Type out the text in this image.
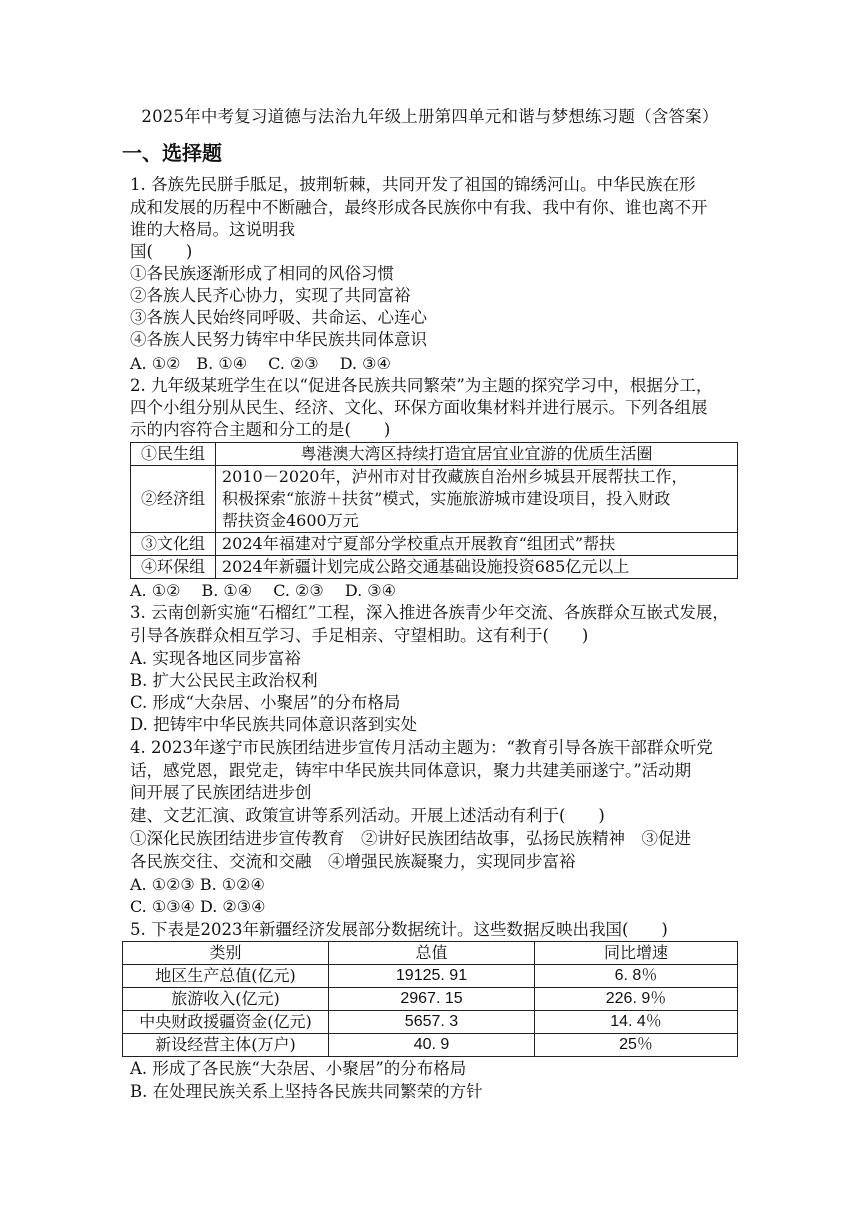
2025年中考复习道德与法治九年级上册第四单元和谐与梦想练习题（含答案）
一、选择题
1. 各族先民胼手胝足，披荆斩棘，共同开发了祖国的锦绣河山。中华民族在形
成和发展的历程中不断融合，最终形成各民族你中有我、我中有你、谁也离不开
谁的大格局。这说明我
国(　　)
①各民族逐渐形成了相同的风俗习惯
②各族人民齐心协力，实现了共同富裕
③各族人民始终同呼吸、共命运、心连心
④各族人民努力铸牢中华民族共同体意识
A. ①②　B. ①④　 C. ②③　 D. ③④
2. 九年级某班学生在以“促进各民族共同繁荣”为主题的探究学习中，根据分工，
四个小组分别从民生、经济、文化、环保方面收集材料并进行展示。下列各组展
示的内容符合主题和分工的是(　　)
①民生组	粤港澳大湾区持续打造宜居宜业宜游的优质生活圈
②经济组	2010－2020年，泸州市对甘孜藏族自治州乡城县开展帮扶工作，
积极探索“旅游＋扶贫”模式，实施旅游城市建设项目，投入财政
帮扶资金4600万元

③文化组	2024年福建对宁夏部分学校重点开展教育“组团式”帮扶
④环保组	2024年新疆计划完成公路交通基础设施投资685亿元以上
A. ①②　 B. ①④　 C. ②③　 D. ③④
3. 云南创新实施“石榴红”工程，深入推进各族青少年交流、各族群众互嵌式发展，
引导各族群众相互学习、手足相亲、守望相助。这有利于(　　)
A. 实现各地区同步富裕
B. 扩大公民民主政治权利
C. 形成“大杂居、小聚居”的分布格局
D. 把铸牢中华民族共同体意识落到实处
4. 2023年遂宁市民族团结进步宣传月活动主题为：“教育引导各族干部群众听党
话，感党恩，跟党走，铸牢中华民族共同体意识，聚力共建美丽遂宁。”活动期
间开展了民族团结进步创
建、文艺汇演、政策宣讲等系列活动。开展上述活动有利于(　　)
①深化民族团结进步宣传教育　②讲好民族团结故事，弘扬民族精神　③促进
各民族交往、交流和交融　④增强民族凝聚力，实现同步富裕
A. ①②③ B. ①②④
C. ①③④ D. ②③④
5. 下表是2023年新疆经济发展部分数据统计。这些数据反映出我国(　　)
类别	总值	同比增速
地区生产总值(亿元)	19125. 91	6. 8％
旅游收入(亿元)	2967. 15	226. 9％
中央财政援疆资金(亿元)	5657. 3	14. 4％
新设经营主体(万户)	40. 9	25％
A. 形成了各民族“大杂居、小聚居”的分布格局
B. 在处理民族关系上坚持各民族共同繁荣的方针
